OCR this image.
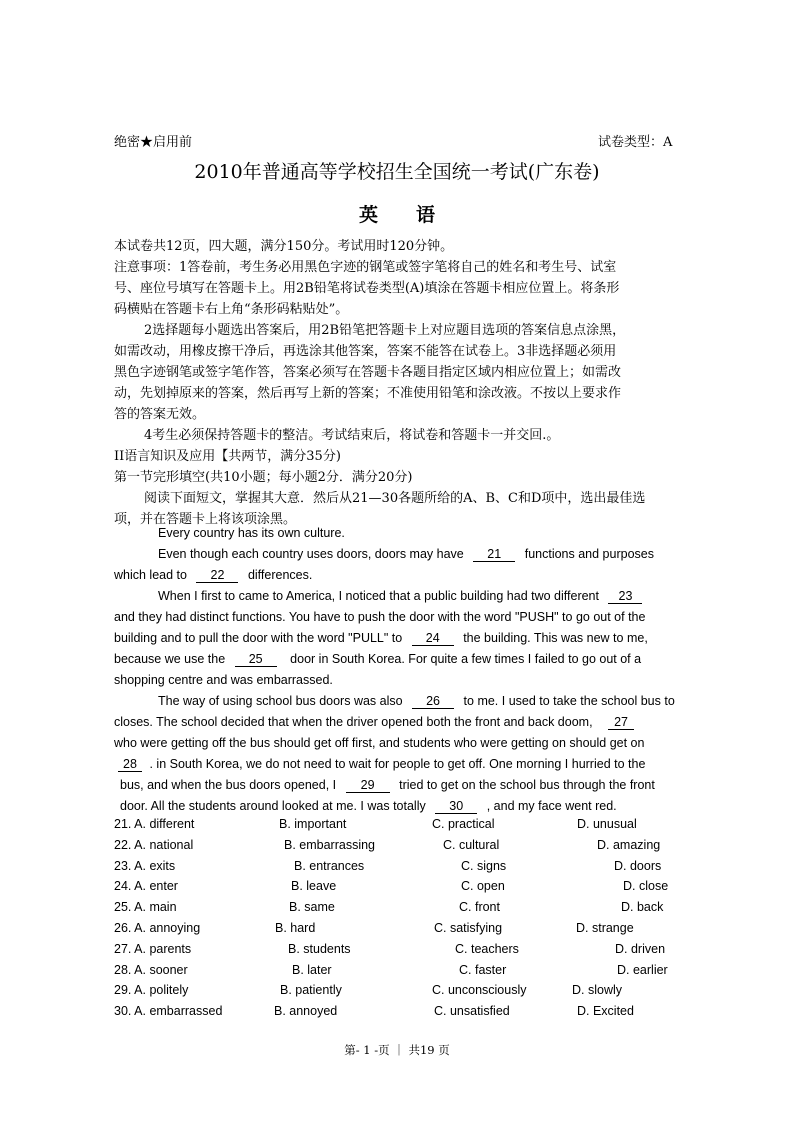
绝密★启用前	试卷类型：A
2010年普通高等学校招生全国统一考试(广东卷)
英　　语
本试卷共12页，四大题，满分150分。考试用时120分钟。
注意事项：1答卷前，考生务必用黑色字迹的钢笔或签字笔将自己的姓名和考生号、试室
号、座位号填写在答题卡上。用2B铅笔将试卷类型(A)填涂在答题卡相应位置上。将条形
码横贴在答题卡右上角“条形码粘贴处”。
2选择题每小题选出答案后，用2B铅笔把答题卡上对应题目选项的答案信息点涂黑，
如需改动，用橡皮擦干净后，再选涂其他答案，答案不能答在试卷上。3非选择题必须用
黑色字迹钢笔或签字笔作答，答案必须写在答题卡各题目指定区域内相应位置上；如需改
动，先划掉原来的答案，然后再写上新的答案；不准使用铅笔和涂改液。不按以上要求作
答的答案无效。
4考生必须保持答题卡的整洁。考试结束后，将试卷和答题卡一并交回.。
II语言知识及应用【共两节，满分35分)
第一节完形填空(共10小题；每小题2分．满分20分)
阅读下面短文，掌握其大意．然后从21—30各题所给的A、B、C和D项中，选出最佳选
项，并在答题卡上将该项涂黑。
Every country has its own culture.
Even though each country uses doors, doors may have 21 functions and purposes
which lead to 22 differences.
When I first to came to America, I noticed that a public building had two different 23
and they had distinct functions. You have to push the door with the word "PUSH" to go out of the
building and to pull the door with the word "PULL" to 24 the building. This was new to me,
because we use the 25 door in South Korea. For quite a few times I failed to go out of a
shopping centre and was embarrassed.
The way of using school bus doors was also 26 to me. I used to take the school bus to
closes. The school decided that when the driver opened both the front and back doom, 27
who were getting off the bus should get off first, and students who were getting on should get on
28 . in South Korea, we do not need to wait for people to get off. One morning I hurried to the
bus, and when the bus doors opened, I 29 tried to get on the school bus through the front
door. All the students around looked at me. I was totally 30 , and my face went red.
21. A. different	B. important	C. practical	D. unusual
22. A. national	B. embarrassing	C. cultural	D. amazing
23. A. exits	B. entrances	C. signs	D. doors
24. A. enter	B. leave	C. open	D. close
25. A. main	B. same	C. front	D. back
26. A. annoying	B. hard	C. satisfying	D. strange
27. A. parents	B. students	C. teachers	D. driven
28. A. sooner	B. later	C. faster	D. earlier
29. A. politely	B. patiently	C. unconsciously	D. slowly
30. A. embarrassed	B. annoyed	C. unsatisfied	D. Excited
第- 1 -页 ｜ 共19 页
